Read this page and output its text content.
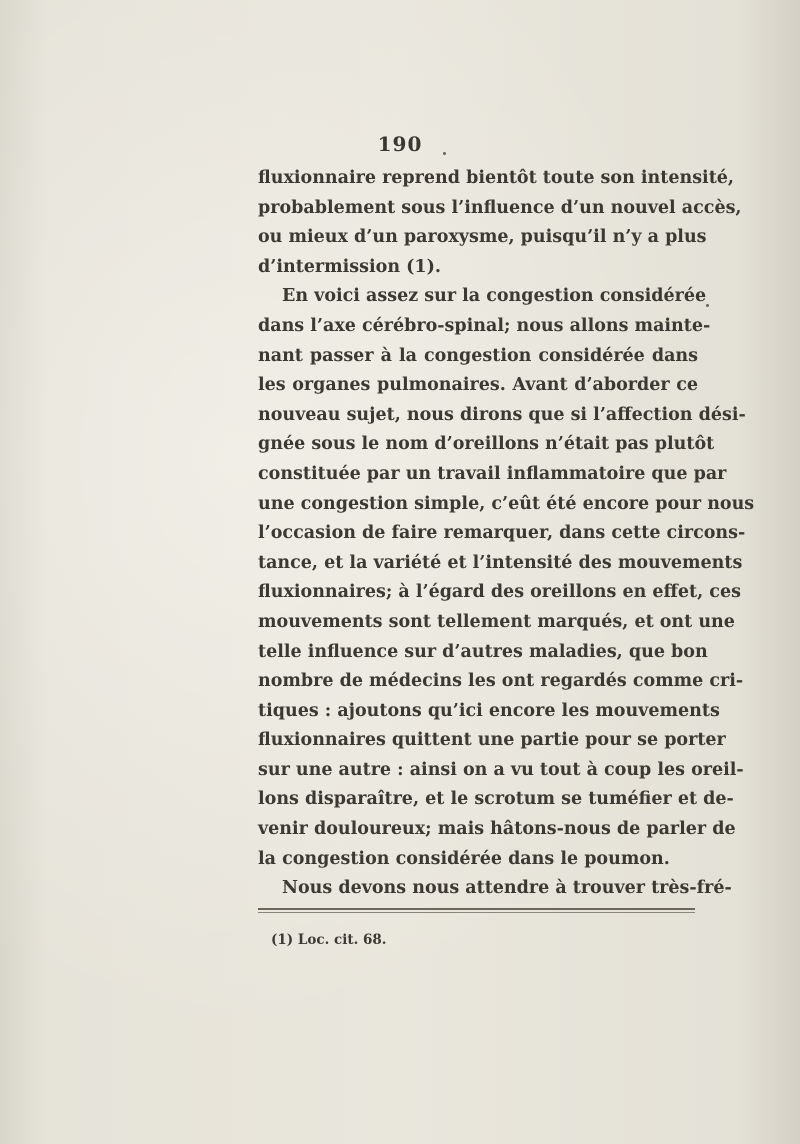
190
fluxionnaire reprend bientôt toute son intensité,
probablement sous l’influence d’un nouvel accès,
ou mieux d’un paroxysme, puisqu’il n’y a plus
d’intermission (1).
En voici assez sur la congestion considérée
dans l’axe cérébro-spinal; nous allons mainte-
nant passer à la congestion considérée dans
les organes pulmonaires. Avant d’aborder ce
nouveau sujet, nous dirons que si l’affection dési-
gnée sous le nom d’oreillons n’était pas plutôt
constituée par un travail inflammatoire que par
une congestion simple, c’eût été encore pour nous
l’occasion de faire remarquer, dans cette circons-
tance, et la variété et l’intensité des mouvements
fluxionnaires; à l’égard des oreillons en effet, ces
mouvements sont tellement marqués, et ont une
telle influence sur d’autres maladies, que bon
nombre de médecins les ont regardés comme cri-
tiques : ajoutons qu’ici encore les mouvements
fluxionnaires quittent une partie pour se porter
sur une autre : ainsi on a vu tout à coup les oreil-
lons disparaître, et le scrotum se tuméfier et de-
venir douloureux; mais hâtons-nous de parler de
la congestion considérée dans le poumon.
Nous devons nous attendre à trouver très-fré-
(1) Loc. cit. 68.
